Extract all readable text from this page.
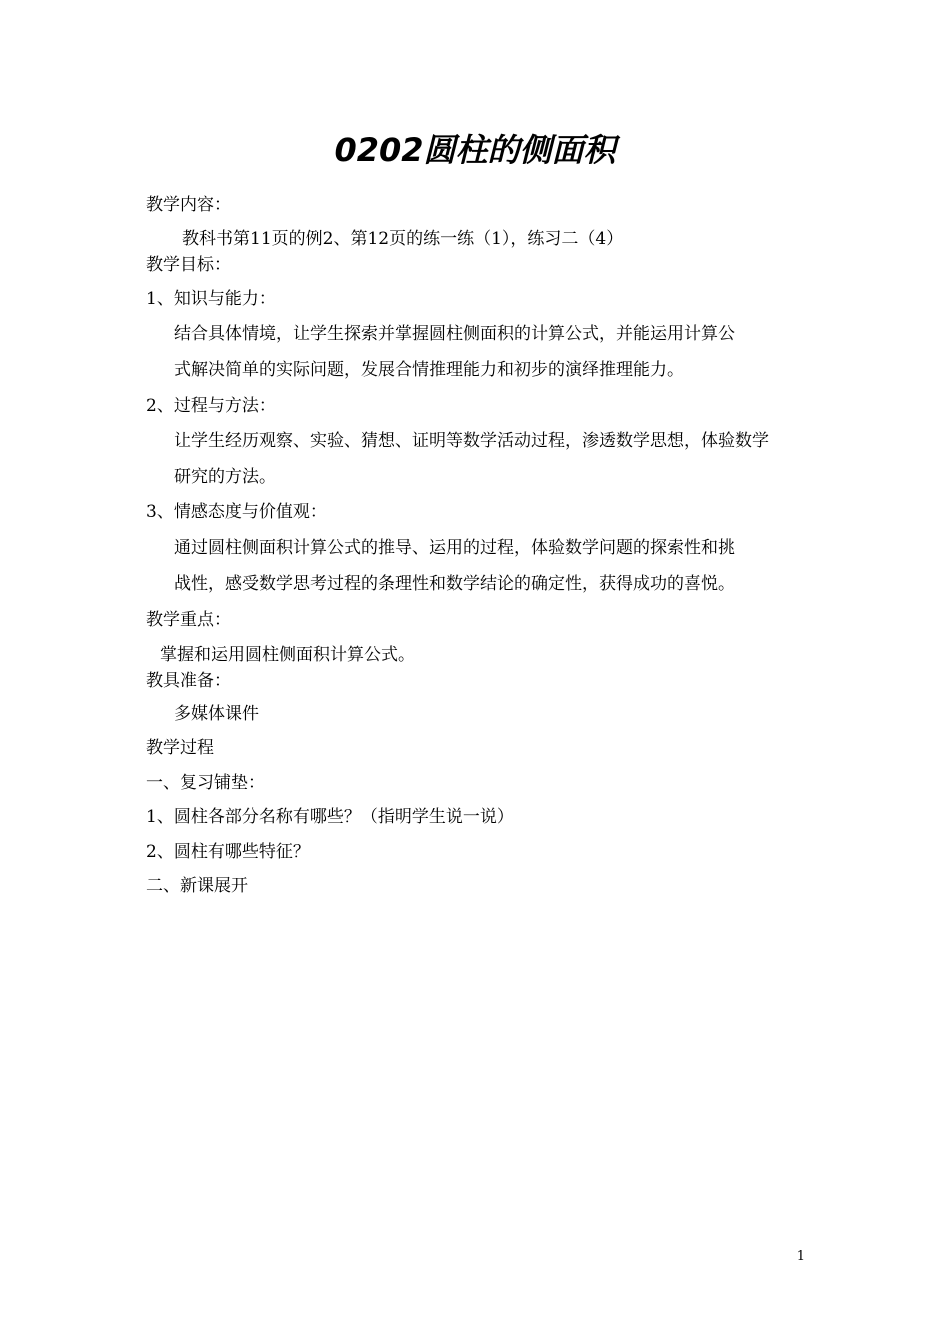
0202圆柱的侧面积
教学内容：
教科书第11页的例2、第12页的练一练（1），练习二（4）
教学目标：
1、知识与能力：
结合具体情境，让学生探索并掌握圆柱侧面积的计算公式，并能运用计算公
式解决简单的实际问题，发展合情推理能力和初步的演绎推理能力。
2、过程与方法：
让学生经历观察、实验、猜想、证明等数学活动过程，渗透数学思想，体验数学
研究的方法。
3、情感态度与价值观：
通过圆柱侧面积计算公式的推导、运用的过程，体验数学问题的探索性和挑
战性，感受数学思考过程的条理性和数学结论的确定性，获得成功的喜悦。
教学重点：
掌握和运用圆柱侧面积计算公式。
教具准备：
多媒体课件
教学过程
一、复习铺垫：
1、圆柱各部分名称有哪些？（指明学生说一说）
2、圆柱有哪些特征？
二、新课展开
1
